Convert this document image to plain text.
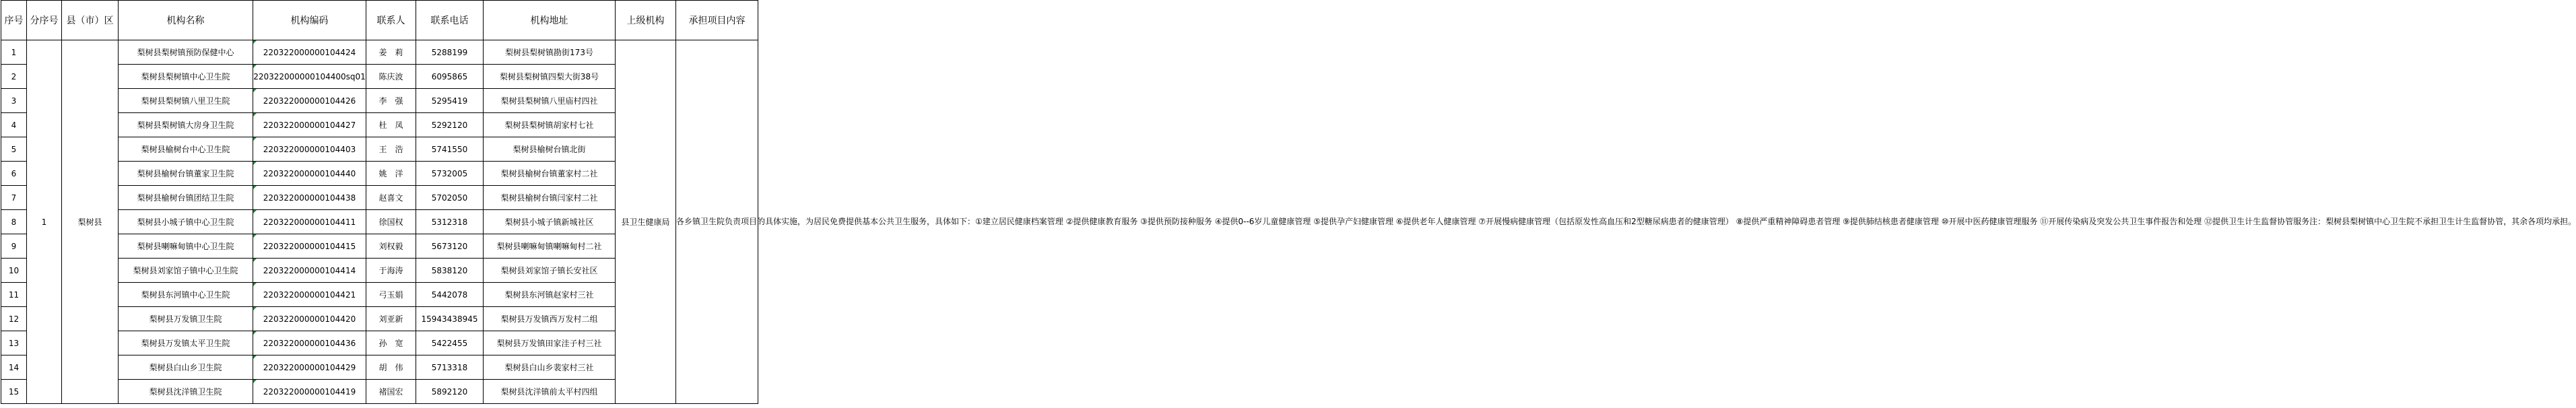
序号	分序号	县（市）区	机构名称	机构编码	联系人	联系电话	机构地址	上级机构	承担项目内容
1	1	梨树县	梨树县梨树镇预防保健中心	220322000000104424	姜　莉	5288199	梨树县梨树镇勘街173号	县卫生健康局	各乡镇卫生院负责项目的具体实施，为居民免费提供基本公共卫生服务，具体如下：①建立居民健康档案管理 ②提供健康教育服务 ③提供预防接种服务 ④提供0--6岁儿童健康管理 ⑤提供孕产妇健康管理 ⑥提供老年人健康管理 ⑦开展慢病健康管理（包括原发性高血压和2型糖尿病患者的健康管理） ⑧提供严重精神障碍患者管理 ⑨提供肺结核患者健康管理 ⑩开展中医药健康管理服务 ⑪开展传染病及突发公共卫生事件报告和处理 ⑫提供卫生计生监督协管服务注：梨树县梨树镇中心卫生院不承担卫生计生监督协管，其余各项均承担。
2			梨树县梨树镇中心卫生院	220322000000104400sq01	陈庆波	6095865	梨树县梨树镇四梨大街38号		
3			梨树县梨树镇八里卫生院	220322000000104426	李　强	5295419	梨树县梨树镇八里庙村四社		
4			梨树县梨树镇大房身卫生院	220322000000104427	杜　凤	5292120	梨树县梨树镇胡家村七社		
5			梨树县榆树台中心卫生院	220322000000104403	王　浩	5741550	梨树县榆树台镇北街		
6			梨树县榆树台镇董家卫生院	220322000000104440	姚　洋	5732005	梨树县榆树台镇董家村二社		
7			梨树县榆树台镇团结卫生院	220322000000104438	赵喜文	5702050	梨树县榆树台镇闫家村二社		
8			梨树县小城子镇中心卫生院	220322000000104411	徐国权	5312318	梨树县小城子镇新城社区		
9			梨树县喇嘛甸镇中心卫生院	220322000000104415	刘权毅	5673120	梨树县喇嘛甸镇喇嘛甸村二社		
10			梨树县刘家馆子镇中心卫生院	220322000000104414	于海涛	5838120	梨树县刘家馆子镇长安社区		
11			梨树县东河镇中心卫生院	220322000000104421	弓玉娟	5442078	梨树县东河镇赵家村三社		
12			梨树县万发镇卫生院	220322000000104420	刘亚新	15943438945	梨树县万发镇西万发村二组		
13			梨树县万发镇太平卫生院	220322000000104436	孙　宽	5422455	梨树县万发镇田家洼子村三社		
14			梨树县白山乡卫生院	220322000000104429	胡　伟	5713318	梨树县白山乡裴家村三社		
15			梨树县沈洋镇卫生院	220322000000104419	褚国宏	5892120	梨树县沈洋镇前太平村四组		
